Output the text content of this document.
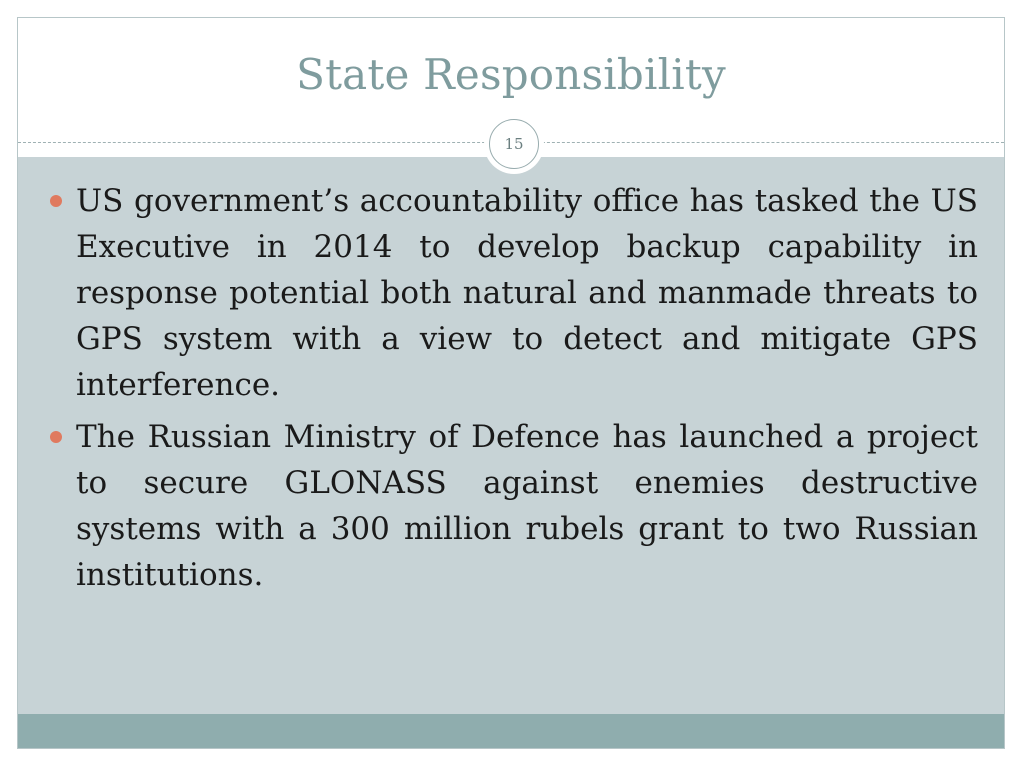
State Responsibility
15
US government’s accountability office has tasked the US Executive in 2014 to develop backup capability in response potential both natural and manmade threats to GPS system with a view to detect and mitigate GPS interference.
The Russian Ministry of Defence has launched a project to secure GLONASS against enemies destructive systems with a 300 million rubels grant to two Russian institutions.
